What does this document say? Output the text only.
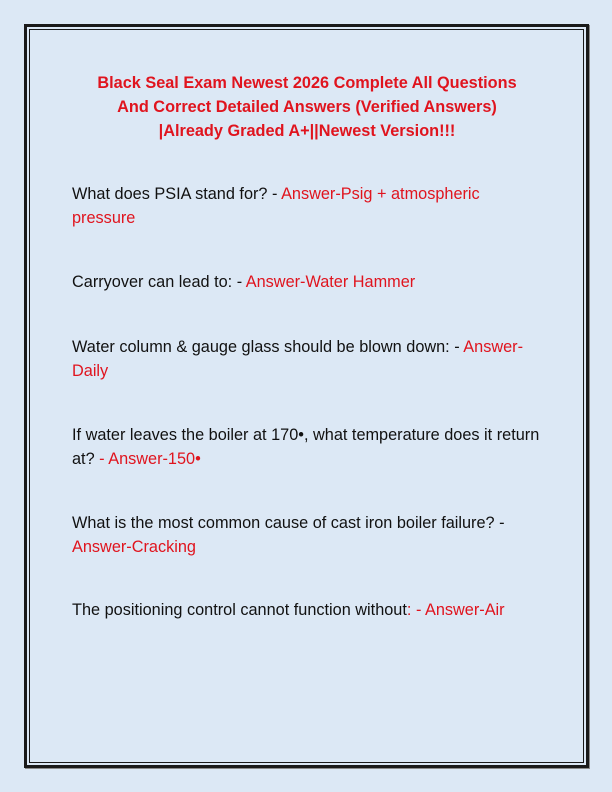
Black Seal Exam Newest 2026 Complete All Questions
And Correct Detailed Answers (Verified Answers)
|Already Graded A+||Newest Version!!!

What does PSIA stand for? - Answer-Psig + atmospheric pressure

Carryover can lead to: - Answer-Water Hammer

Water column & gauge glass should be blown down: - Answer-Daily

If water leaves the boiler at 170•, what temperature does it return at? - Answer-150•

What is the most common cause of cast iron boiler failure? - Answer-Cracking

The positioning control cannot function without: - Answer-Air
